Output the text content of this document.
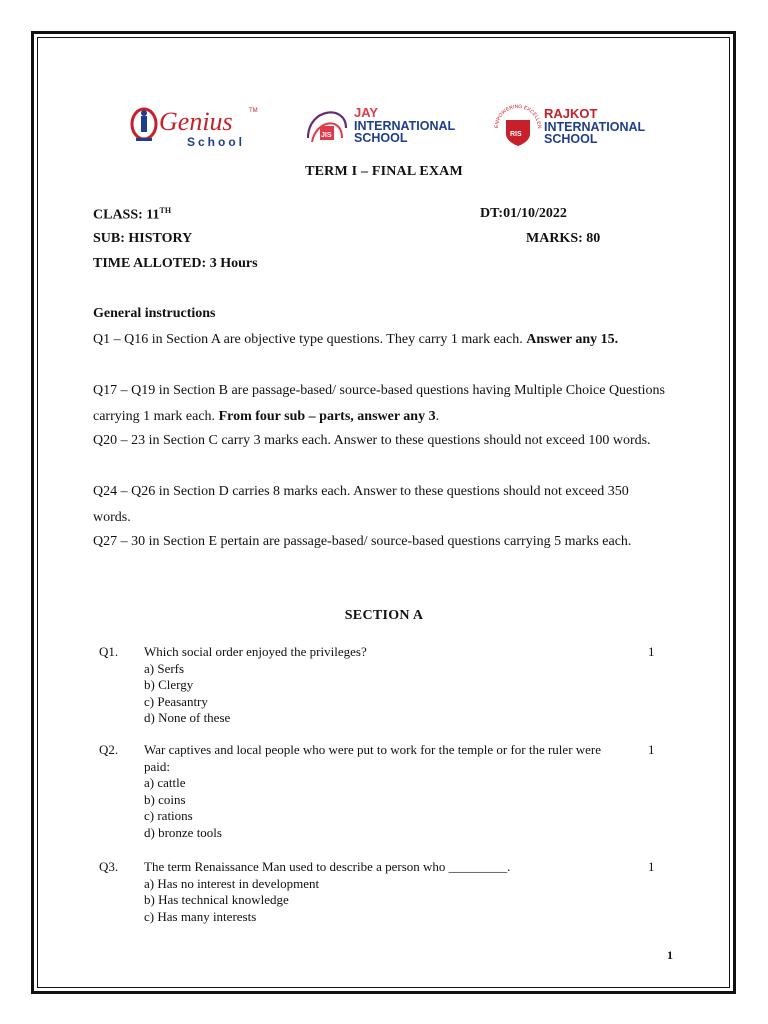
Genius	TM
School	JIS
JAY
INTERNATIONAL
SCHOOL
EMPOWERING EXCELLEN
RIS
RAJKOT
INTERNATIONAL
SCHOOL
TERM I – FINAL EXAM
CLASS: 11TH	DT:01/10/2022
SUB: HISTORY	MARKS: 80
TIME ALLOTED: 3 Hours
General instructions
Q1 – Q16 in Section A are objective type questions. They carry 1 mark each. Answer any 15.
Q17 – Q19 in Section B are passage-based/ source-based questions having Multiple Choice Questions carrying 1 mark each. From four sub – parts, answer any 3.
Q20 – 23 in Section C carry 3 marks each. Answer to these questions should not exceed 100 words.
Q24 – Q26 in Section D carries 8 marks each. Answer to these questions should not exceed 350 words.
Q27 – 30 in Section E pertain are passage-based/ source-based questions carrying 5 marks each.
SECTION A
Q1. Which social order enjoyed the privileges?
a) Serfs
b) Clergy
c) Peasantry
d) None of these
1
Q2. War captives and local people who were put to work for the temple or for the ruler were paid:
a) cattle
b) coins
c) rations
d) bronze tools
1
Q3. The term Renaissance Man used to describe a person who _________.
a) Has no interest in development
b) Has technical knowledge
c) Has many interests
1
1
